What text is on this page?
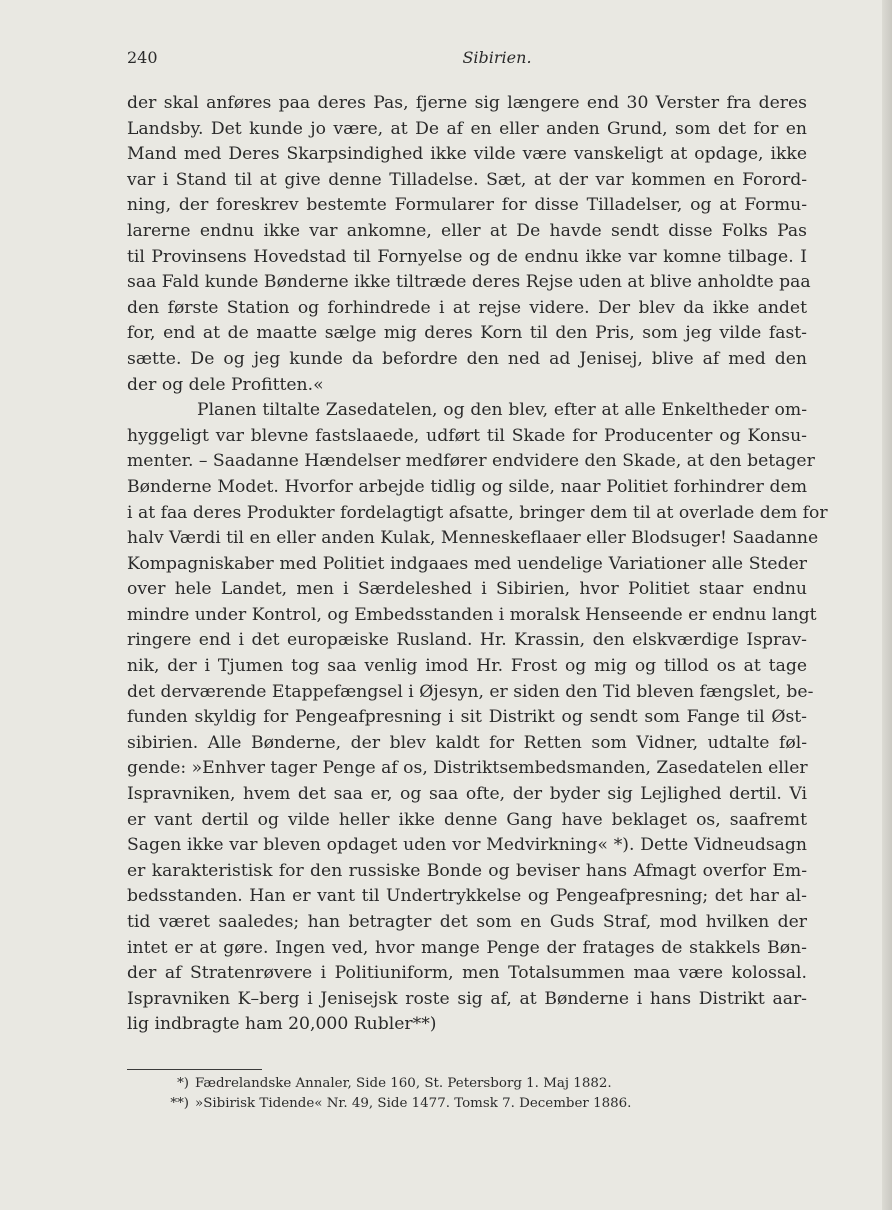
240	Sibirien.
der skal anføres paa deres Pas, fjerne sig længere end 30 Verster fra deres
Landsby. Det kunde jo være, at De af en eller anden Grund, som det for en
Mand med Deres Skarpsindighed ikke vilde være vanskeligt at opdage, ikke
var i Stand til at give denne Tilladelse. Sæt, at der var kommen en Forord-
ning, der foreskrev bestemte Formularer for disse Tilladelser, og at Formu-
larerne endnu ikke var ankomne, eller at De havde sendt disse Folks Pas
til Provinsens Hovedstad til Fornyelse og de endnu ikke var komne tilbage. I
saa Fald kunde Bønderne ikke tiltræde deres Rejse uden at blive anholdte paa
den første Station og forhindrede i at rejse videre. Der blev da ikke andet
for, end at de maatte sælge mig deres Korn til den Pris, som jeg vilde fast-
sætte. De og jeg kunde da befordre den ned ad Jenisej, blive af med den
der og dele Profitten.«
Planen tiltalte Zasedatelen, og den blev, efter at alle Enkeltheder om-
hyggeligt var blevne fastslaaede, udført til Skade for Producenter og Konsu-
menter. – Saadanne Hændelser medfører endvidere den Skade, at den betager
Bønderne Modet. Hvorfor arbejde tidlig og silde, naar Politiet forhindrer dem
i at faa deres Produkter fordelagtigt afsatte, bringer dem til at overlade dem for
halv Værdi til en eller anden Kulak, Menneskeflaaer eller Blodsuger! Saadanne
Kompagniskaber med Politiet indgaaes med uendelige Variationer alle Steder
over hele Landet, men i Særdeleshed i Sibirien, hvor Politiet staar endnu
mindre under Kontrol, og Embedsstanden i moralsk Henseende er endnu langt
ringere end i det europæiske Rusland. Hr. Krassin, den elskværdige Isprav-
nik, der i Tjumen tog saa venlig imod Hr. Frost og mig og tillod os at tage
det derværende Etappefængsel i Øjesyn, er siden den Tid bleven fængslet, be-
funden skyldig for Pengeafpresning i sit Distrikt og sendt som Fange til Øst-
sibirien. Alle Bønderne, der blev kaldt for Retten som Vidner, udtalte føl-
gende: »Enhver tager Penge af os, Distriktsembedsmanden, Zasedatelen eller
Ispravniken, hvem det saa er, og saa ofte, der byder sig Lejlighed dertil. Vi
er vant dertil og vilde heller ikke denne Gang have beklaget os, saafremt
Sagen ikke var bleven opdaget uden vor Medvirkning« *). Dette Vidneudsagn
er karakteristisk for den russiske Bonde og beviser hans Afmagt overfor Em-
bedsstanden. Han er vant til Undertrykkelse og Pengeafpresning; det har al-
tid været saaledes; han betragter det som en Guds Straf, mod hvilken der
intet er at gøre. Ingen ved, hvor mange Penge der fratages de stakkels Bøn-
der af Stratenrøvere i Politiuniform, men Totalsummen maa være kolossal.
Ispravniken K–berg i Jenisejsk roste sig af, at Bønderne i hans Distrikt aar-
lig indbragte ham 20,000 Rubler**)
*) Fædrelandske Annaler, Side 160, St. Petersborg 1. Maj 1882.
**) »Sibirisk Tidende« Nr. 49, Side 1477. Tomsk 7. December 1886.
